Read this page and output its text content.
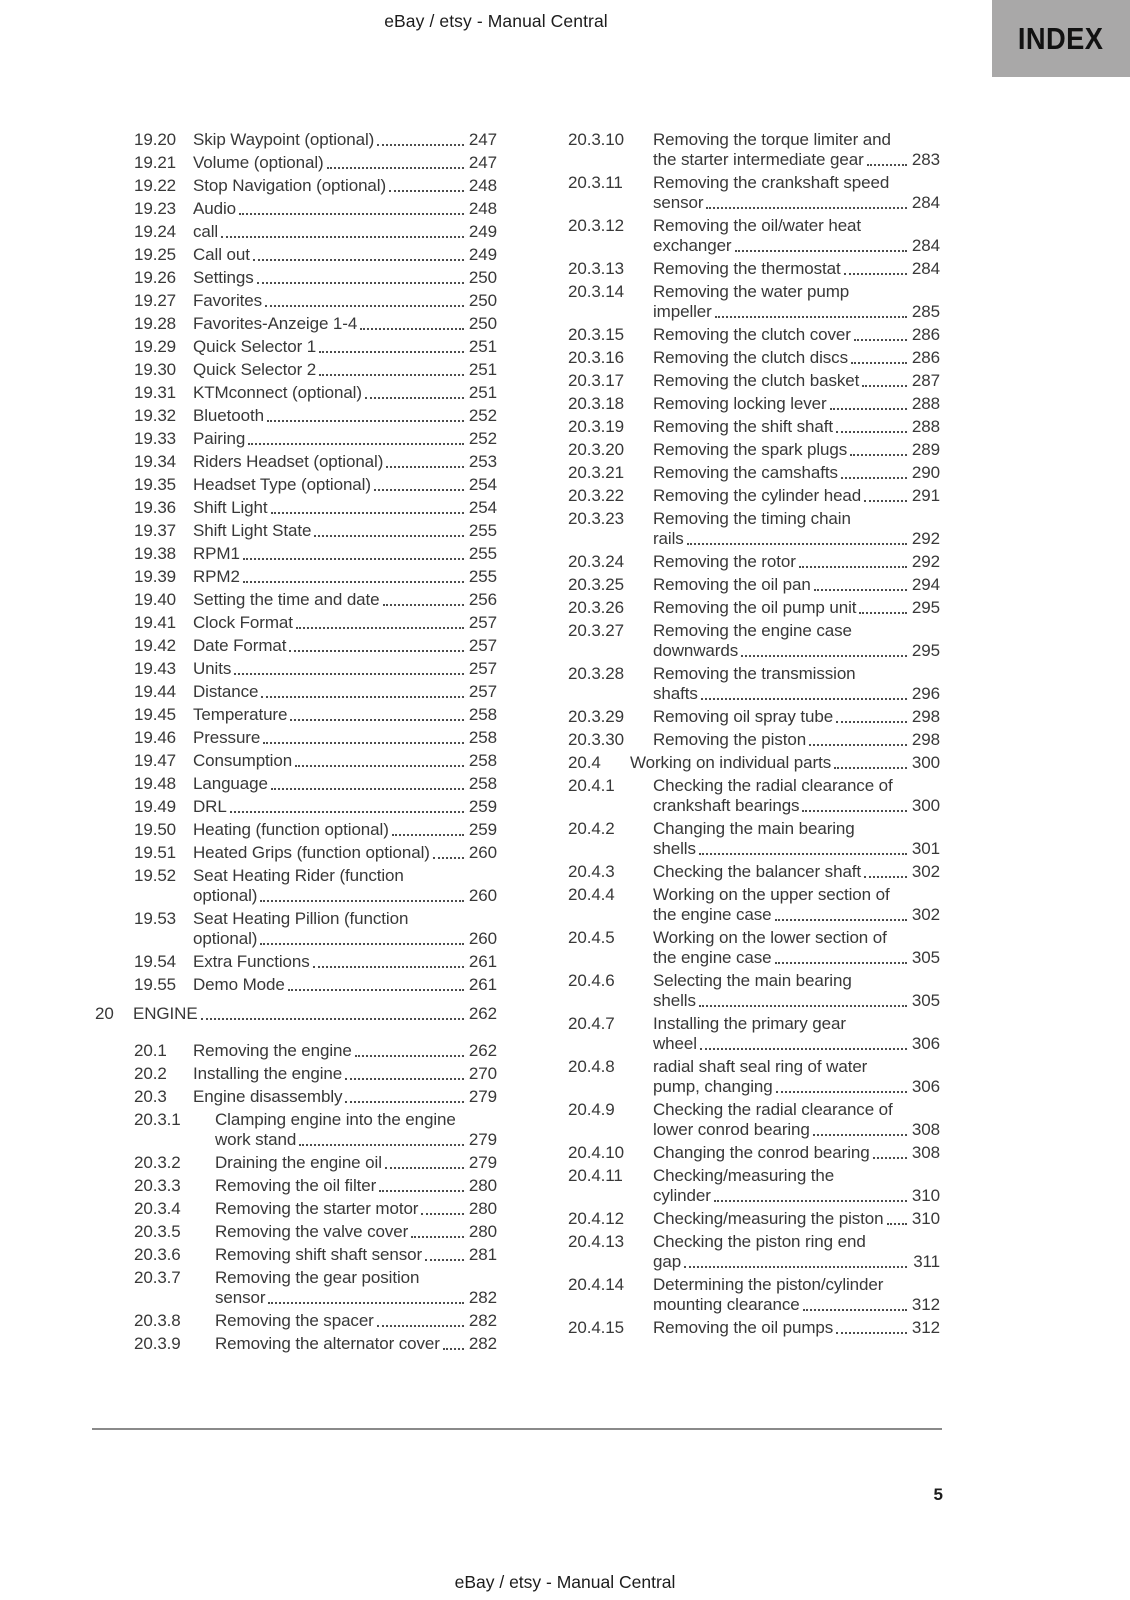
eBay / etsy - Manual Central	INDEX
19.20 Skip Waypoint (optional)	247
19.21 Volume (optional)	247
19.22 Stop Navigation (optional)	248
19.23 Audio	248
19.24 call	249
19.25 Call out	249
19.26 Settings	250
19.27 Favorites	250
19.28 Favorites-Anzeige 1-4	250
19.29 Quick Selector 1	251
19.30 Quick Selector 2	251
19.31 KTMconnect (optional)	251
19.32 Bluetooth	252
19.33 Pairing	252
19.34 Riders Headset (optional)	253
19.35 Headset Type (optional)	254
19.36 Shift Light	254
19.37 Shift Light State	255
19.38 RPM1	255
19.39 RPM2	255
19.40 Setting the time and date	256
19.41 Clock Format	257
19.42 Date Format	257
19.43 Units	257
19.44 Distance	257
19.45 Temperature	258
19.46 Pressure	258
19.47 Consumption	258
19.48 Language	258
19.49 DRL	259
19.50 Heating (function optional)	259
19.51 Heated Grips (function optional) 260
19.52 Seat Heating Rider (function
optional)	260
19.53 Seat Heating Pillion (function
optional)	260
19.54 Extra Functions	261
19.55 Demo Mode	261
20	ENGINE	262
20.1	Removing the engine	262
20.2	Installing the engine	270
20.3	Engine disassembly	279
20.3.1	Clamping engine into the engine
work stand	279
20.3.2	Draining the engine oil	279
20.3.3	Removing the oil filter	280
20.3.4	Removing the starter motor	280
20.3.5	Removing the valve cover	280
20.3.6	Removing shift shaft sensor	281
20.3.7	Removing the gear position
sensor	282
20.3.8	Removing the spacer	282
20.3.9	Removing the alternator cover 282
20.3.10	Removing the torque limiter and
the starter intermediate gear	283
20.3.11	Removing the crankshaft speed
sensor	284
20.3.12	Removing the oil/water heat
exchanger	284
20.3.13	Removing the thermostat	284
20.3.14	Removing the water pump
impeller	285
20.3.15	Removing the clutch cover	286
20.3.16	Removing the clutch discs	286
20.3.17	Removing the clutch basket	287
20.3.18	Removing locking lever	288
20.3.19	Removing the shift shaft	288
20.3.20	Removing the spark plugs	289
20.3.21	Removing the camshafts	290
20.3.22	Removing the cylinder head	291
20.3.23	Removing the timing chain
rails	292
20.3.24	Removing the rotor	292
20.3.25	Removing the oil pan	294
20.3.26	Removing the oil pump unit	295
20.3.27	Removing the engine case
downwards	295
20.3.28	Removing the transmission
shafts	296
20.3.29	Removing oil spray tube	298
20.3.30	Removing the piston	298
20.4	Working on individual parts	300
20.4.1	Checking the radial clearance of
crankshaft bearings	300
20.4.2	Changing the main bearing
shells	301
20.4.3	Checking the balancer shaft	302
20.4.4	Working on the upper section of
the engine case	302
20.4.5	Working on the lower section of
the engine case	305
20.4.6	Selecting the main bearing
shells	305
20.4.7	Installing the primary gear
wheel	306
20.4.8	radial shaft seal ring of water
pump, changing	306
20.4.9	Checking the radial clearance of
lower conrod bearing	308
20.4.10	Changing the conrod bearing 308
20.4.11	Checking/measuring the
cylinder	310
20.4.12	Checking/measuring the piston 310
20.4.13	Checking the piston ring end
gap	311
20.4.14	Determining the piston/cylinder
mounting clearance	312
20.4.15	Removing the oil pumps	312
5
eBay / etsy - Manual Central
